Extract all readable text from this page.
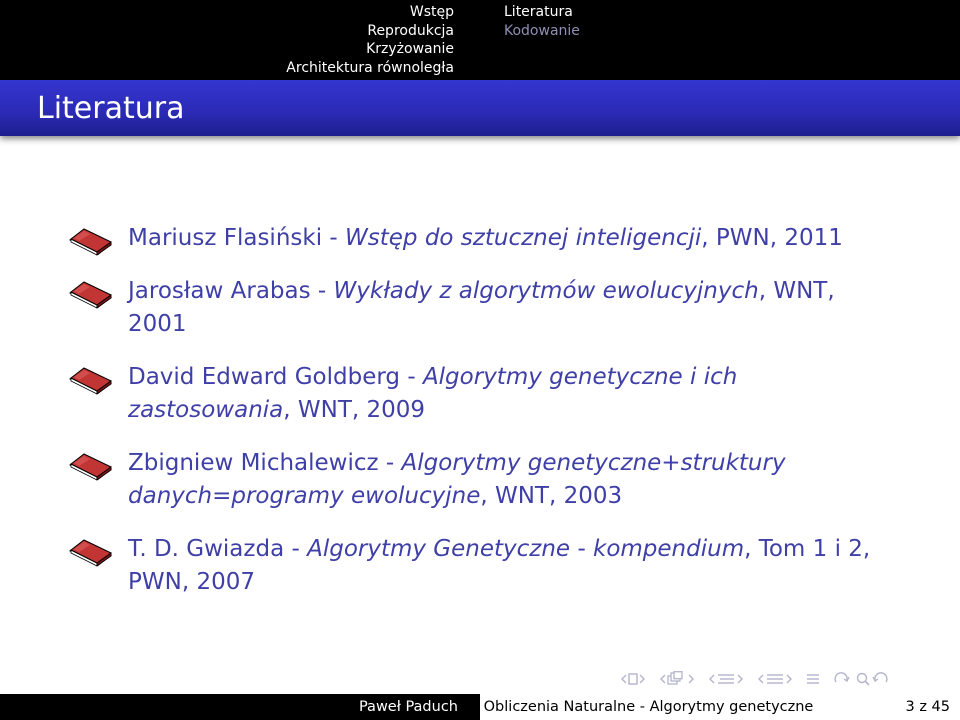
Wstęp
Reprodukcja
Krzyżowanie
Architektura równoległa
Literatura
Kodowanie
Literatura
Mariusz Flasiński - Wstęp do sztucznej inteligencji, PWN, 2011
Jarosław Arabas - Wykłady z algorytmów ewolucyjnych, WNT, 2001
David Edward Goldberg - Algorytmy genetyczne i ich zastosowania, WNT, 2009
Zbigniew Michalewicz - Algorytmy genetyczne+struktury danych=programy ewolucyjne, WNT, 2003
T. D. Gwiazda - Algorytmy Genetyczne - kompendium, Tom 1 i 2, PWN, 2007
Paweł Paduch	Obliczenia Naturalne - Algorytmy genetyczne	3 z 45
